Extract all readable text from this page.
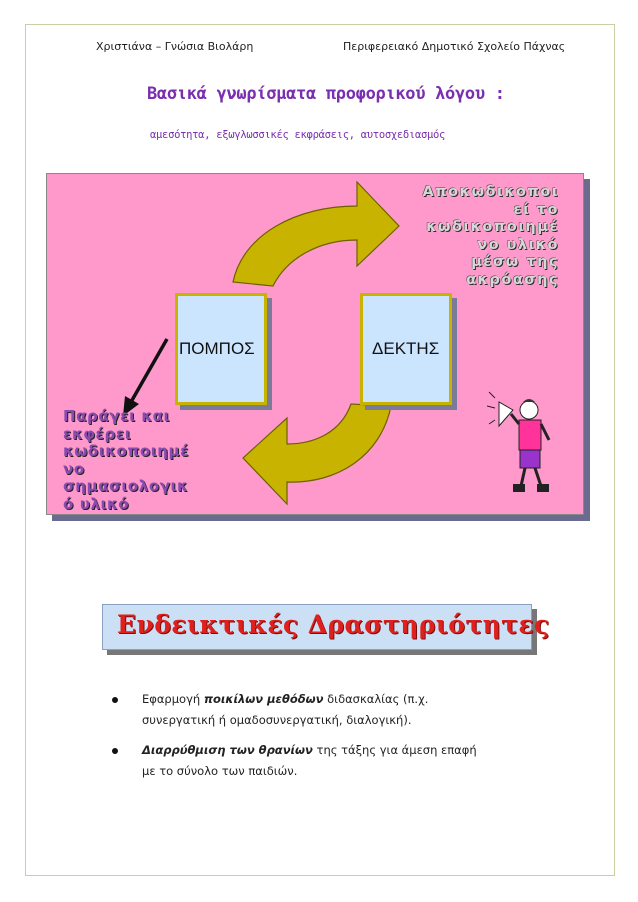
Χριστιάνα – Γνώσια Βιολάρη	Περιφερειακό Δημοτικό Σχολείο Πάχνας
Βασικά γνωρίσματα προφορικού λόγου :
αμεσότητα, εξωγλωσσικές εκφράσεις, αυτοσχεδιασμός
ΠΟΜΠΟΣ	ΔΕΚΤΗΣ
Αποκωδικοποι
εί το
κωδικοποιημέ
νο υλικό
μέσω της
ακρόασης
Παράγει και
εκφέρει
κωδικοποιημέ
νο
σημασιολογικ
ό υλικό
Ενδεικτικές Δραστηριότητες
Εφαρμογή ποικίλων μεθόδων διδασκαλίας (π.χ. συνεργατική ή ομαδοσυνεργατική, διαλογική).
Διαρρύθμιση των θρανίων της τάξης για άμεση επαφή με το σύνολο των παιδιών.
